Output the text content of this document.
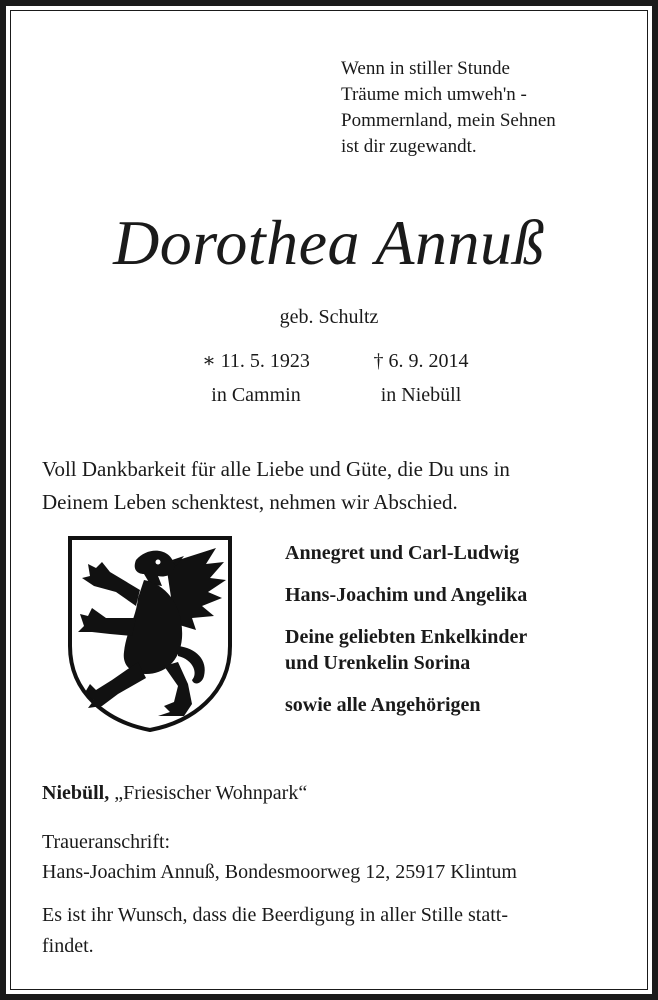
Wenn in stiller Stunde
Träume mich umweh'n -
Pommernland, mein Sehnen
ist dir zugewandt.
Dorothea Annuß
geb. Schultz
∗ 11. 5. 1923
in Cammin
† 6. 9. 2014
in Niebüll
Voll Dankbarkeit für alle Liebe und Güte, die Du uns in
Deinem Leben schenktest, nehmen wir Abschied.
Annegret und Carl-Ludwig
Hans-Joachim und Angelika
Deine geliebten Enkelkinder
und Urenkelin Sorina
sowie alle Angehörigen
Niebüll, „Friesischer Wohnpark“
Traueranschrift:
Hans-Joachim Annuß, Bondesmoorweg 12, 25917 Klintum
Es ist ihr Wunsch, dass die Beerdigung in aller Stille statt-
findet.
